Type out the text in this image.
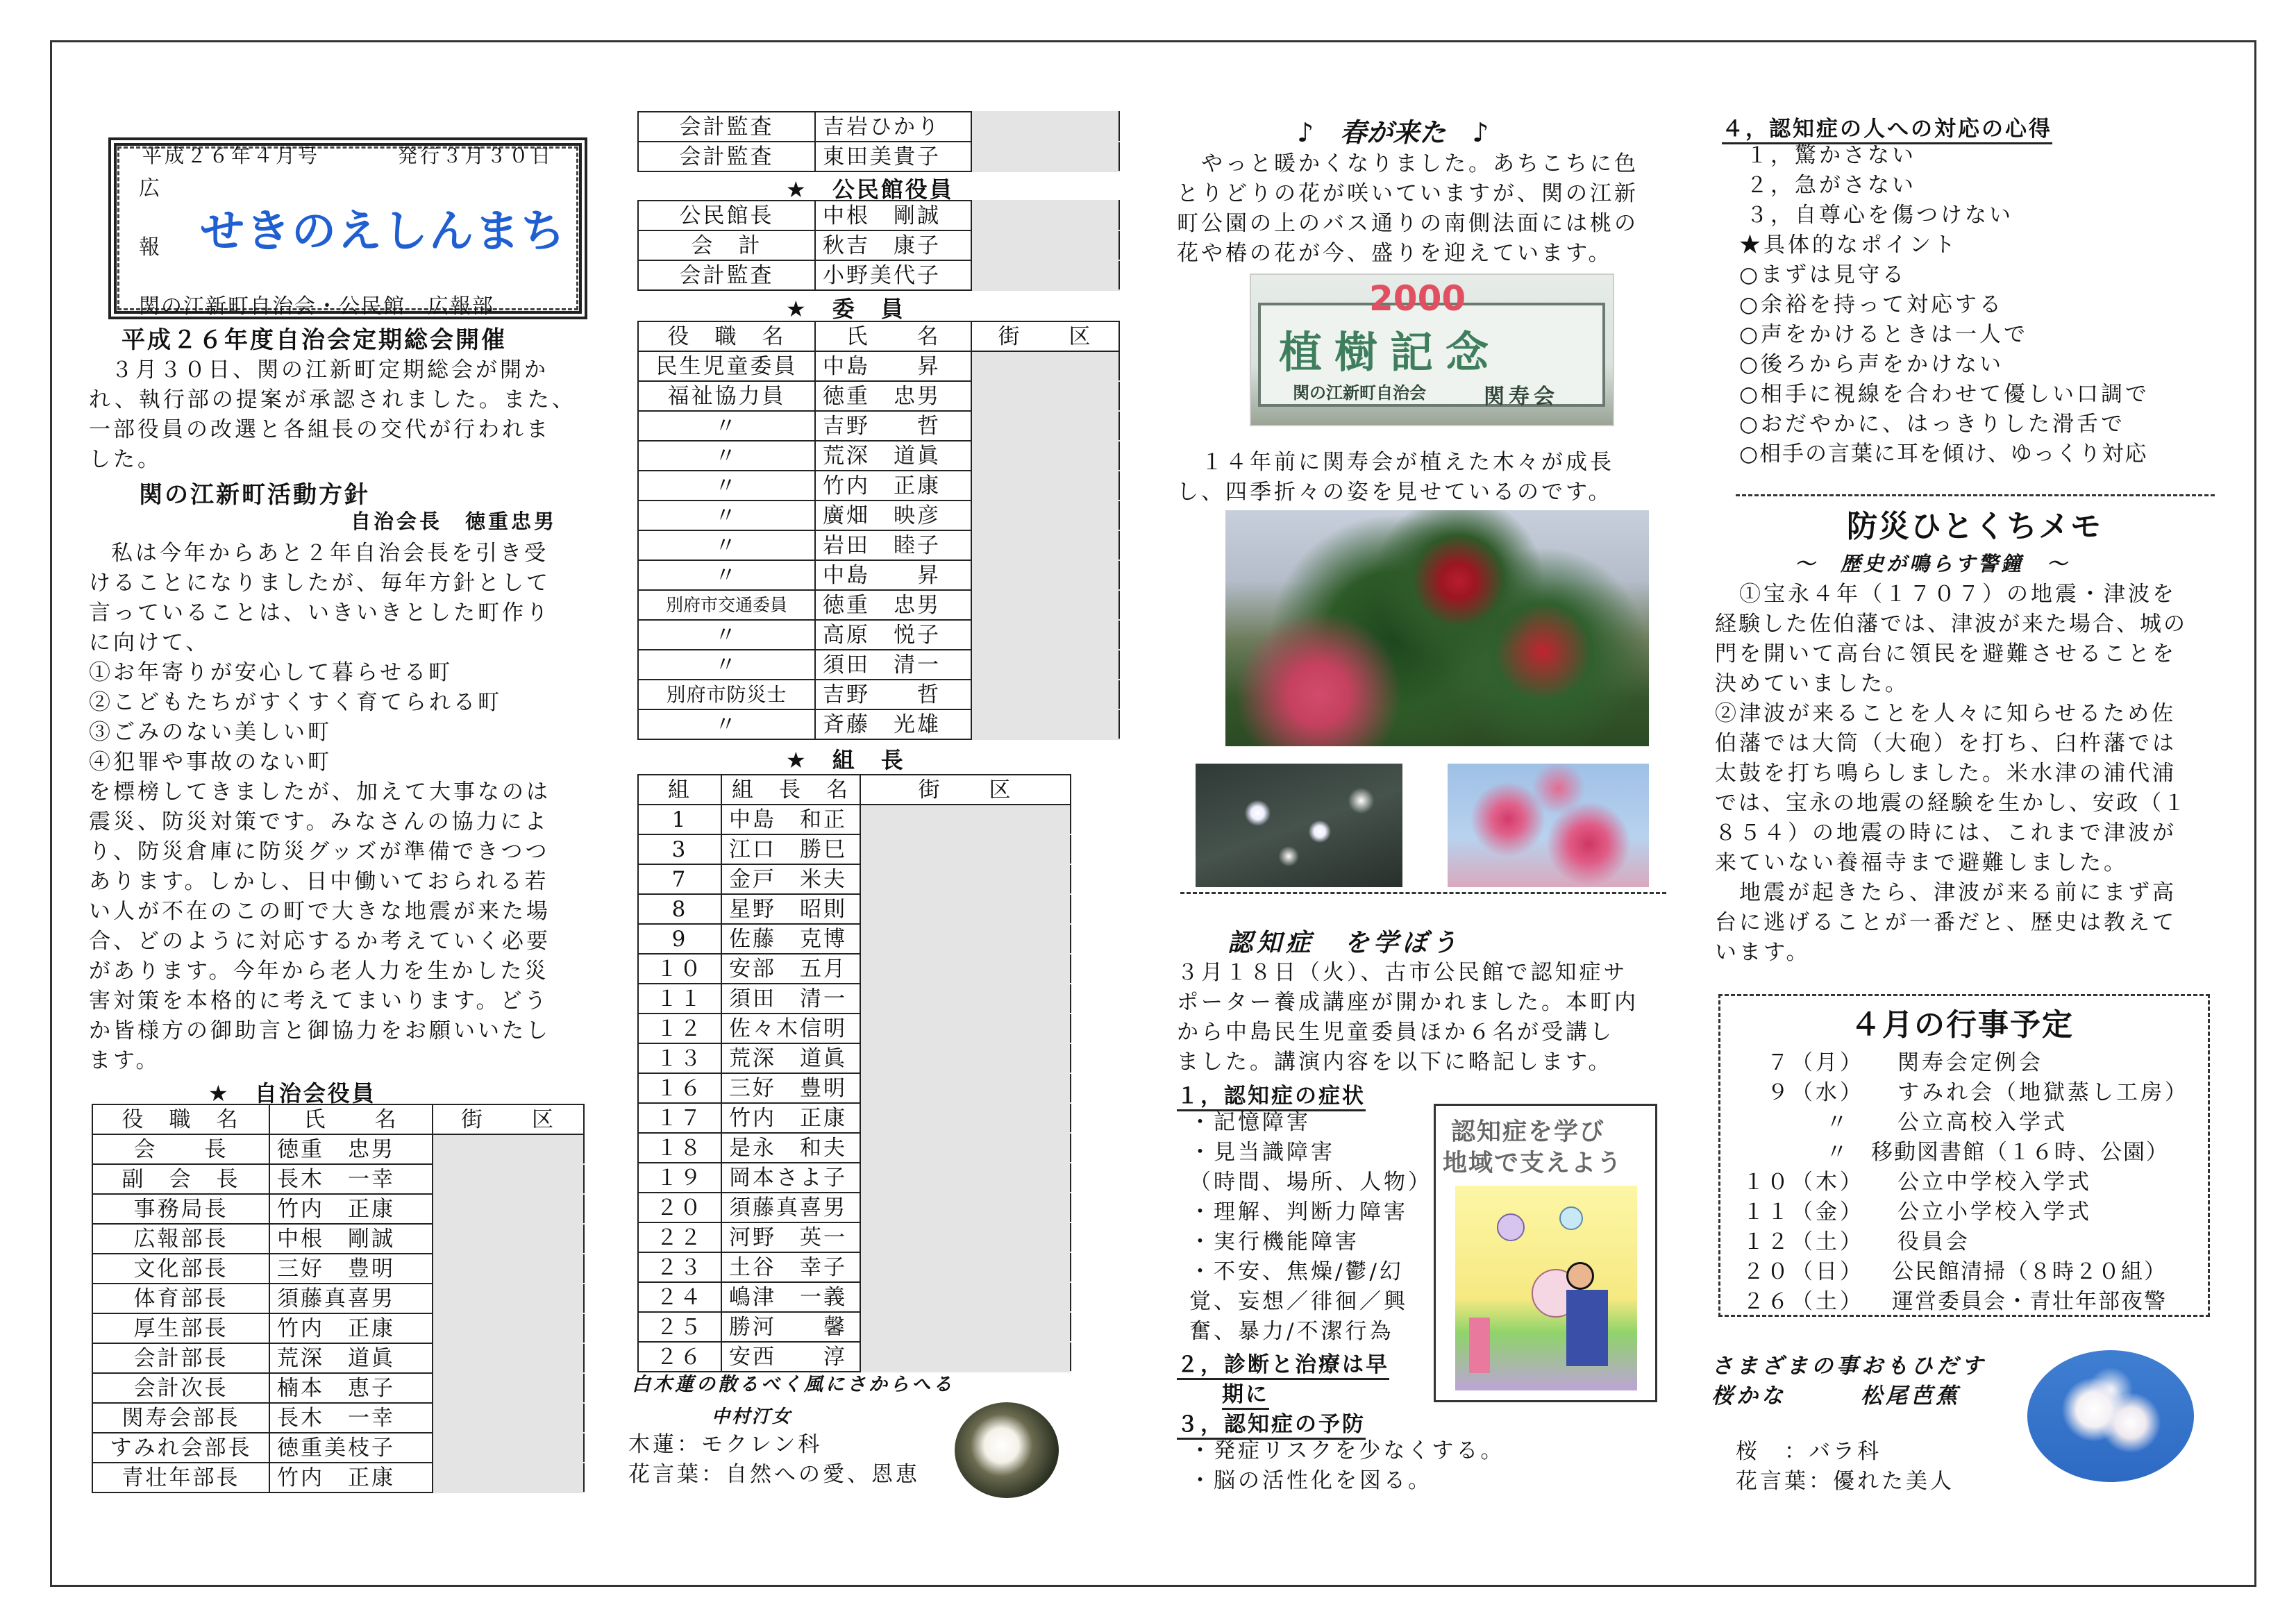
平成２６年４月号	発行３月３０日
広
報 せきのえしんまち
関の江新町自治会・公民館　広報部
平成２６年度自治会定期総会開催
３月３０日、関の江新町定期総会が開か
れ、執行部の提案が承認されました。また、
一部役員の改選と各組長の交代が行われま
した。
関の江新町活動方針
自治会長　徳重忠男
私は今年からあと２年自治会長を引き受
けることになりましたが、毎年方針として
言っていることは、いきいきとした町作り
に向けて、
①お年寄りが安心して暮らせる町
②こどもたちがすくすく育てられる町
③ごみのない美しい町
④犯罪や事故のない町
を標榜してきましたが、加えて大事なのは
震災、防災対策です。みなさんの協力によ
り、防災倉庫に防災グッズが準備できつつ
あります。しかし、日中働いておられる若
い人が不在のこの町で大きな地震が来た場
合、どのように対応するか考えていく必要
があります。今年から老人力を生かした災
害対策を本格的に考えてまいります。どう
か皆様方の御助言と御協力をお願いいたし
ます。
★　自治会役員
役　職　名	氏　　名	街　　区
会　　長	徳重　忠男	
副　会　長	長木　一幸	
事務局長	竹内　正康	
広報部長	中根　剛誠	
文化部長	三好　豊明	
体育部長	須藤真喜男	
厚生部長	竹内　正康	
会計部長	荒深　道眞	
会計次長	楠本　恵子	
関寿会部長	長木　一幸	
すみれ会部長	徳重美枝子	
青壮年部長	竹内　正康	
会計監査	吉岩ひかり	
会計監査	東田美貴子	
★　公民館役員
公民館長	中根　剛誠	
会　計	秋吉　康子	
会計監査	小野美代子	
★　委　員
役　職　名	氏　　名	街　　区
民生児童委員	中島　　昇	
福祉協力員	徳重　忠男	
〃	吉野　　哲	
〃	荒深　道眞	
〃	竹内　正康	
〃	廣畑　映彦	
〃	岩田　睦子	
〃	中島　　昇	
別府市交通委員	徳重　忠男	
〃	高原　悦子	
〃	須田　清一	
別府市防災士	吉野　　哲	
〃	斉藤　光雄	
★　組　長
組	組　長　名	街　　区
1	中島　和正	
3	江口　勝巳	
7	金戸　米夫	
8	星野　昭則	
9	佐藤　克博	
１０	安部　五月	
１１	須田　清一	
１２	佐々木信明	
１３	荒深　道眞	
１６	三好　豊明	
１７	竹内　正康	
１８	是永　和夫	
１９	岡本さよ子	
２０	須藤真喜男	
２２	河野　英一	
２３	土谷　幸子	
２４	嶋津　一義	
２５	勝河　　馨	
２６	安西　　淳	
白木蓮の散るべく風にさからへる
中村汀女
木蓮：モクレン科
花言葉：自然への愛、恩恵
♪　春が来た　♪
やっと暖かくなりました。あちこちに色
とりどりの花が咲いていますが、関の江新
町公園の上のバス通りの南側法面には桃の
花や椿の花が今、盛りを迎えています。
2000
植樹記念
関の江新町自治会	関寿会
１４年前に関寿会が植えた木々が成長
し、四季折々の姿を見せているのです。
認知症　を学ぼう
３月１８日（火）、古市公民館で認知症サ
ポーター養成講座が開かれました。本町内
から中島民生児童委員ほか６名が受講し
ました。講演内容を以下に略記します。
１，認知症の症状
・記憶障害
・見当識障害
（時間、場所、人物）
・理解、判断力障害
・実行機能障害
・不安、焦燥/鬱/幻
覚、妄想／徘徊／興
奮、暴力/不潔行為
２，診断と治療は早
期に
３，認知症の予防
・発症リスクを少なくする。
・脳の活性化を図る。
認知症を学び
地域で支えよう
４，認知症の人への対応の心得
１，驚かさない
２，急がさない
３，自尊心を傷つけない
★具体的なポイント
○まずは見守る
○余裕を持って対応する
○声をかけるときは一人で
○後ろから声をかけない
○相手に視線を合わせて優しい口調で
○おだやかに、はっきりした滑舌で
○相手の言葉に耳を傾け、ゆっくり対応
防災ひとくちメモ
～　歴史が鳴らす警鐘　～
①宝永４年（１７０７）の地震・津波を
経験した佐伯藩では、津波が来た場合、城の
門を開いて高台に領民を避難させることを
決めていました。
②津波が来ることを人々に知らせるため佐
伯藩では大筒（大砲）を打ち、臼杵藩では
太鼓を打ち鳴らしました。米水津の浦代浦
では、宝永の地震の経験を生かし、安政（１
８５４）の地震の時には、これまで津波が
来ていない養福寺まで避難しました。
地震が起きたら、津波が来る前にまず高
台に逃げることが一番だと、歴史は教えて
います。
４月の行事予定
７（月） 関寿会定例会
９（水） すみれ会（地獄蒸し工房）
〃 公立高校入学式
〃 移動図書館（１６時、公園）
１０（木） 公立中学校入学式
１１（金） 公立小学校入学式
１２（土） 役員会
２０（日） 公民館清掃（８時２０組）
２６（土） 運営委員会・青壮年部夜警
さまざまの事おもひだす
桜かな	松尾芭蕉
桜　：バラ科
花言葉：優れた美人
